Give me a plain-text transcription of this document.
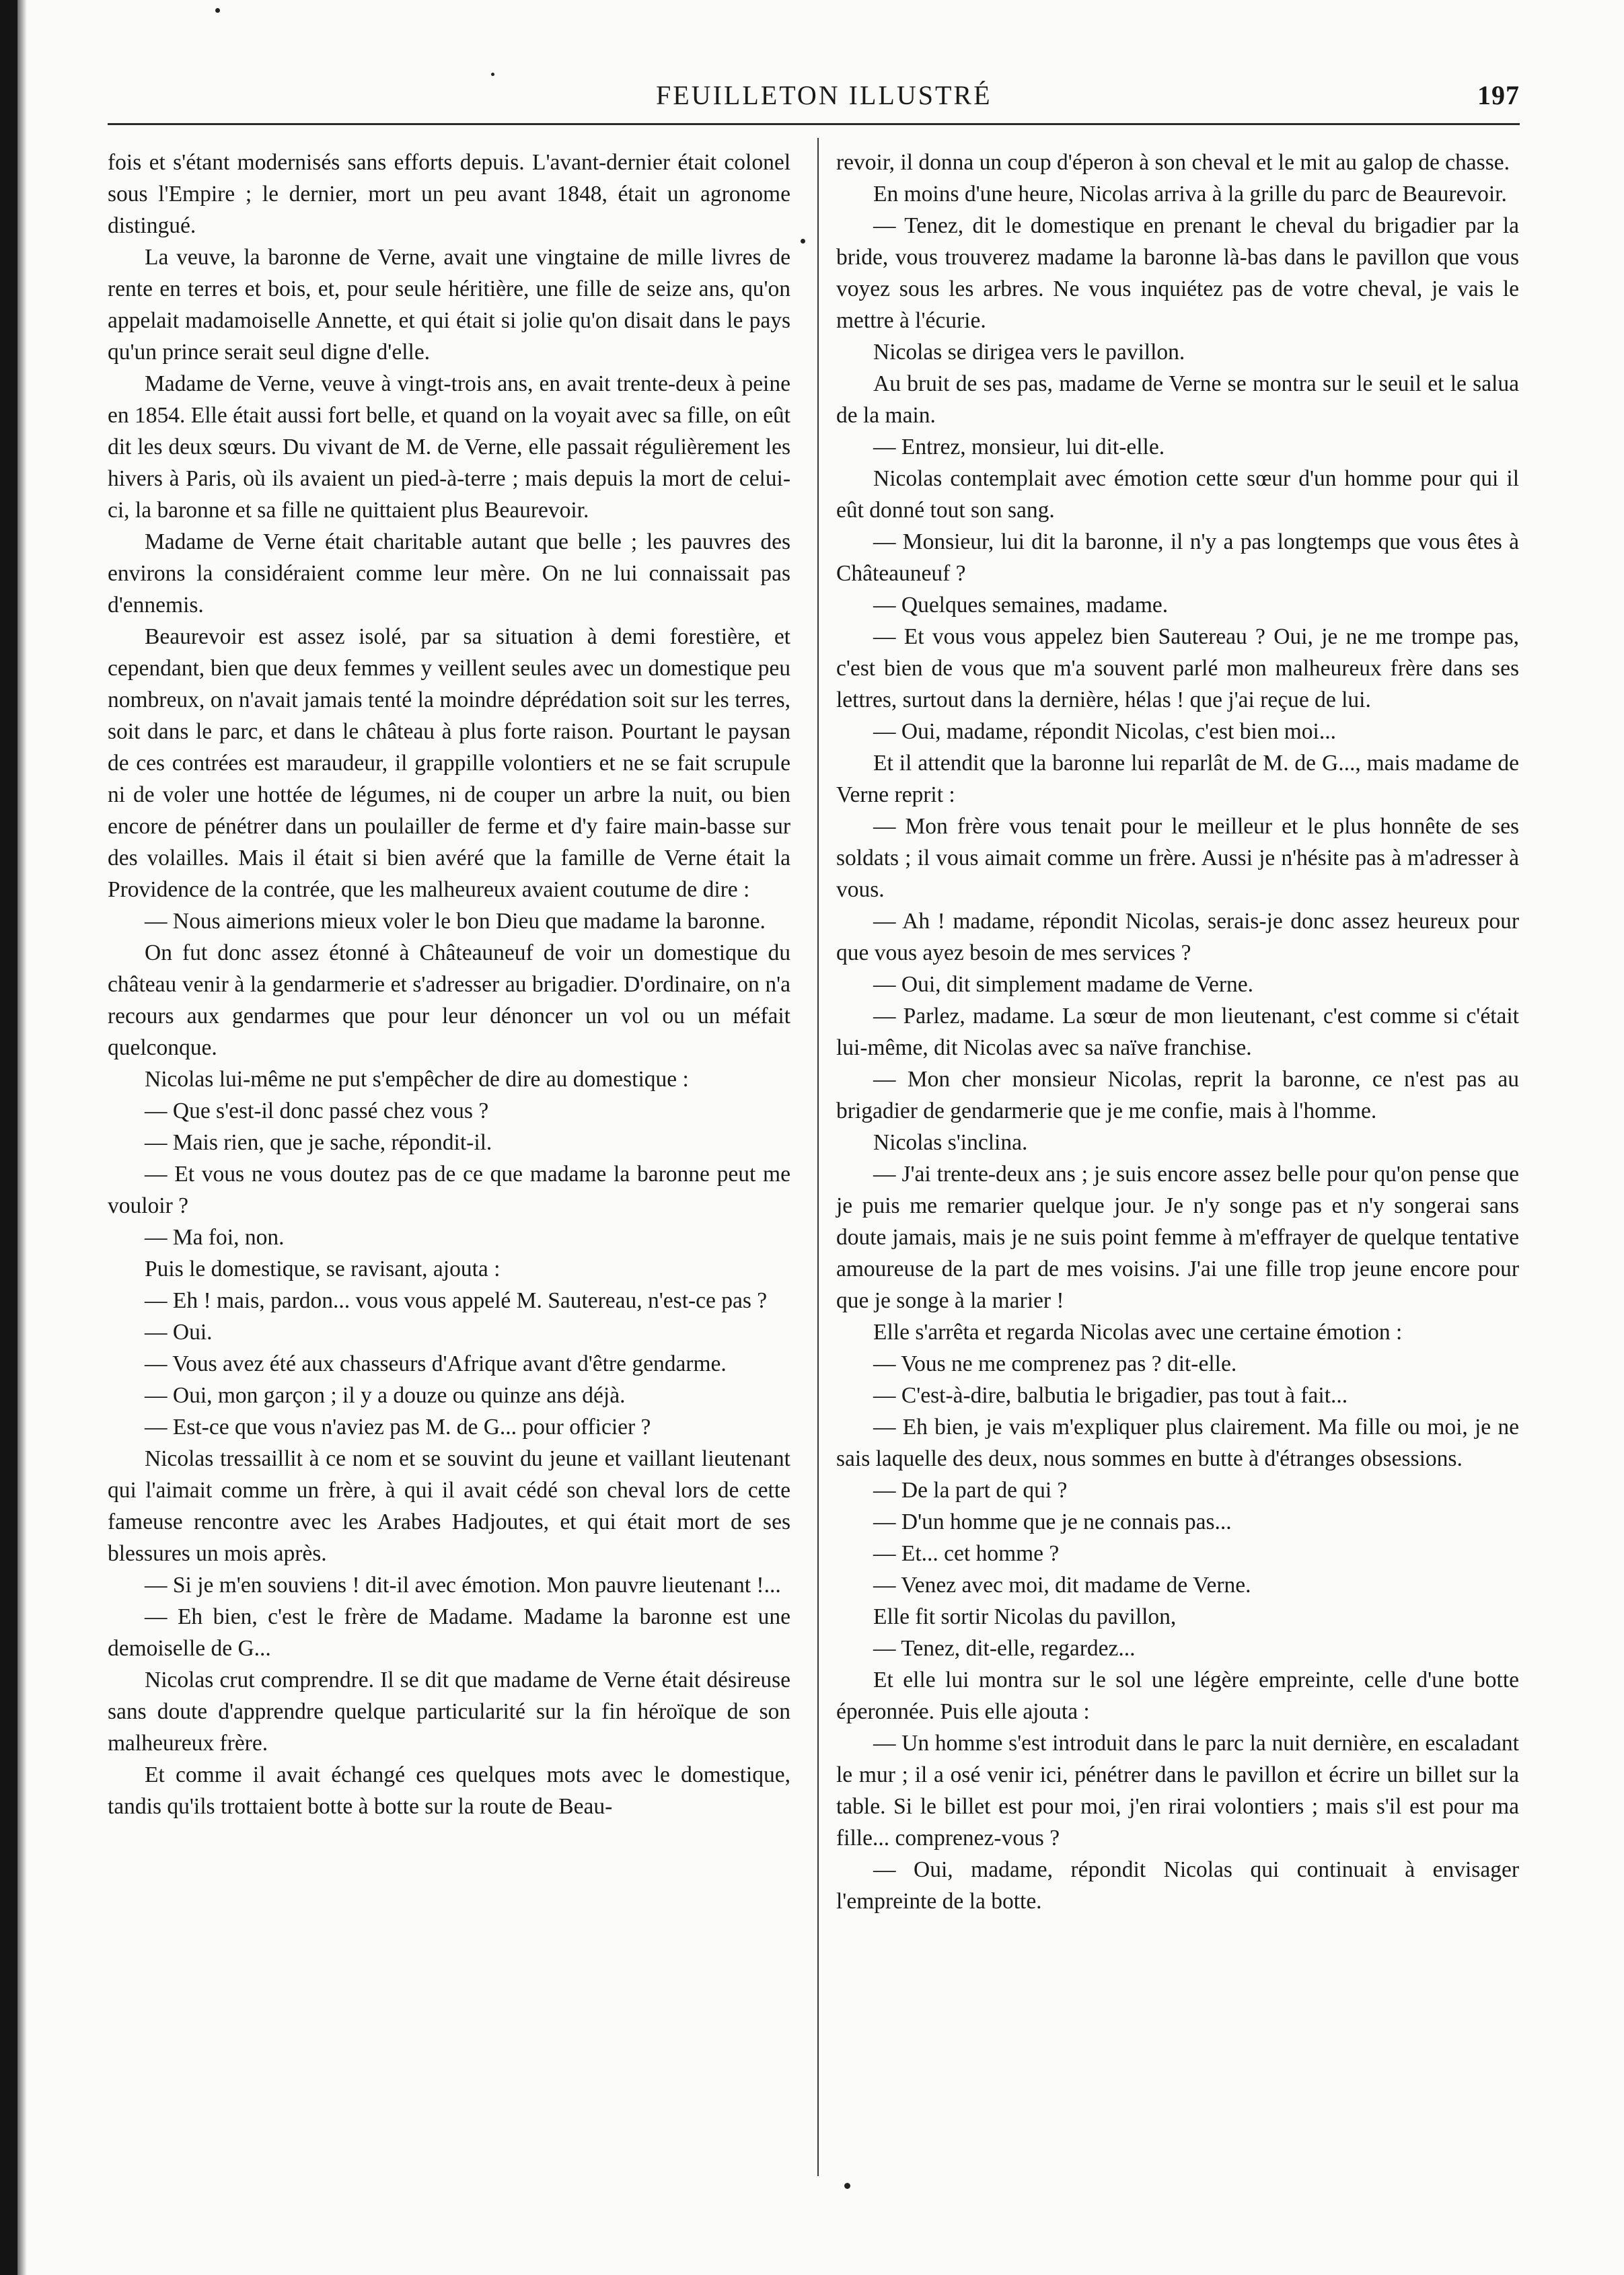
FEUILLETON ILLUSTRÉ	197

fois et s'étant modernisés sans efforts depuis. L'avant-dernier était colonel sous l'Empire ; le dernier, mort un peu avant 1848, était un agronome distingué.

La veuve, la baronne de Verne, avait une vingtaine de mille livres de rente en terres et bois, et, pour seule héritière, une fille de seize ans, qu'on appelait madamoiselle Annette, et qui était si jolie qu'on disait dans le pays qu'un prince serait seul digne d'elle.

Madame de Verne, veuve à vingt-trois ans, en avait trente-deux à peine en 1854. Elle était aussi fort belle, et quand on la voyait avec sa fille, on eût dit les deux sœurs. Du vivant de M. de Verne, elle passait régulièrement les hivers à Paris, où ils avaient un pied-à-terre ; mais depuis la mort de celui-ci, la baronne et sa fille ne quittaient plus Beaurevoir.

Madame de Verne était charitable autant que belle ; les pauvres des environs la considéraient comme leur mère. On ne lui connaissait pas d'ennemis.

Beaurevoir est assez isolé, par sa situation à demi forestière, et cependant, bien que deux femmes y veillent seules avec un domestique peu nombreux, on n'avait jamais tenté la moindre déprédation soit sur les terres, soit dans le parc, et dans le château à plus forte raison. Pourtant le paysan de ces contrées est maraudeur, il grappille volontiers et ne se fait scrupule ni de voler une hottée de légumes, ni de couper un arbre la nuit, ou bien encore de pénétrer dans un poulailler de ferme et d'y faire main-basse sur des volailles. Mais il était si bien avéré que la famille de Verne était la Providence de la contrée, que les malheureux avaient coutume de dire :

— Nous aimerions mieux voler le bon Dieu que madame la baronne.

On fut donc assez étonné à Châteauneuf de voir un domestique du château venir à la gendarmerie et s'adresser au brigadier. D'ordinaire, on n'a recours aux gendarmes que pour leur dénoncer un vol ou un méfait quelconque.

Nicolas lui-même ne put s'empêcher de dire au domestique :

— Que s'est-il donc passé chez vous ?

— Mais rien, que je sache, répondit-il.

— Et vous ne vous doutez pas de ce que madame la baronne peut me vouloir ?

— Ma foi, non.

Puis le domestique, se ravisant, ajouta :

— Eh ! mais, pardon... vous vous appelé M. Sautereau, n'est-ce pas ?

— Oui.

— Vous avez été aux chasseurs d'Afrique avant d'être gendarme.

— Oui, mon garçon ; il y a douze ou quinze ans déjà.

— Est-ce que vous n'aviez pas M. de G... pour officier ?

Nicolas tressaillit à ce nom et se souvint du jeune et vaillant lieutenant qui l'aimait comme un frère, à qui il avait cédé son cheval lors de cette fameuse rencontre avec les Arabes Hadjoutes, et qui était mort de ses blessures un mois après.

— Si je m'en souviens ! dit-il avec émotion. Mon pauvre lieutenant !...

— Eh bien, c'est le frère de Madame. Madame la baronne est une demoiselle de G...

Nicolas crut comprendre. Il se dit que madame de Verne était désireuse sans doute d'apprendre quelque particularité sur la fin héroïque de son malheureux frère.

Et comme il avait échangé ces quelques mots avec le domestique, tandis qu'ils trottaient botte à botte sur la route de Beau-

revoir, il donna un coup d'éperon à son cheval et le mit au galop de chasse.

En moins d'une heure, Nicolas arriva à la grille du parc de Beaurevoir.

— Tenez, dit le domestique en prenant le cheval du brigadier par la bride, vous trouverez madame la baronne là-bas dans le pavillon que vous voyez sous les arbres. Ne vous inquiétez pas de votre cheval, je vais le mettre à l'écurie.

Nicolas se dirigea vers le pavillon.

Au bruit de ses pas, madame de Verne se montra sur le seuil et le salua de la main.

— Entrez, monsieur, lui dit-elle.

Nicolas contemplait avec émotion cette sœur d'un homme pour qui il eût donné tout son sang.

— Monsieur, lui dit la baronne, il n'y a pas longtemps que vous êtes à Châteauneuf ?

— Quelques semaines, madame.

— Et vous vous appelez bien Sautereau ? Oui, je ne me trompe pas, c'est bien de vous que m'a souvent parlé mon malheureux frère dans ses lettres, surtout dans la dernière, hélas ! que j'ai reçue de lui.

— Oui, madame, répondit Nicolas, c'est bien moi...

Et il attendit que la baronne lui reparlât de M. de G..., mais madame de Verne reprit :

— Mon frère vous tenait pour le meilleur et le plus honnête de ses soldats ; il vous aimait comme un frère. Aussi je n'hésite pas à m'adresser à vous.

— Ah ! madame, répondit Nicolas, serais-je donc assez heureux pour que vous ayez besoin de mes services ?

— Oui, dit simplement madame de Verne.

— Parlez, madame. La sœur de mon lieutenant, c'est comme si c'était lui-même, dit Nicolas avec sa naïve franchise.

— Mon cher monsieur Nicolas, reprit la baronne, ce n'est pas au brigadier de gendarmerie que je me confie, mais à l'homme.

Nicolas s'inclina.

— J'ai trente-deux ans ; je suis encore assez belle pour qu'on pense que je puis me remarier quelque jour. Je n'y songe pas et n'y songerai sans doute jamais, mais je ne suis point femme à m'effrayer de quelque tentative amoureuse de la part de mes voisins. J'ai une fille trop jeune encore pour que je songe à la marier !

Elle s'arrêta et regarda Nicolas avec une certaine émotion :

— Vous ne me comprenez pas ? dit-elle.

— C'est-à-dire, balbutia le brigadier, pas tout à fait...

— Eh bien, je vais m'expliquer plus clairement. Ma fille ou moi, je ne sais laquelle des deux, nous sommes en butte à d'étranges obsessions.

— De la part de qui ?

— D'un homme que je ne connais pas...

— Et... cet homme ?

— Venez avec moi, dit madame de Verne.

Elle fit sortir Nicolas du pavillon,

— Tenez, dit-elle, regardez...

Et elle lui montra sur le sol une légère empreinte, celle d'une botte éperonnée. Puis elle ajouta :

— Un homme s'est introduit dans le parc la nuit dernière, en escaladant le mur ; il a osé venir ici, pénétrer dans le pavillon et écrire un billet sur la table. Si le billet est pour moi, j'en rirai volontiers ; mais s'il est pour ma fille... comprenez-vous ?

— Oui, madame, répondit Nicolas qui continuait à envisager l'empreinte de la botte.
